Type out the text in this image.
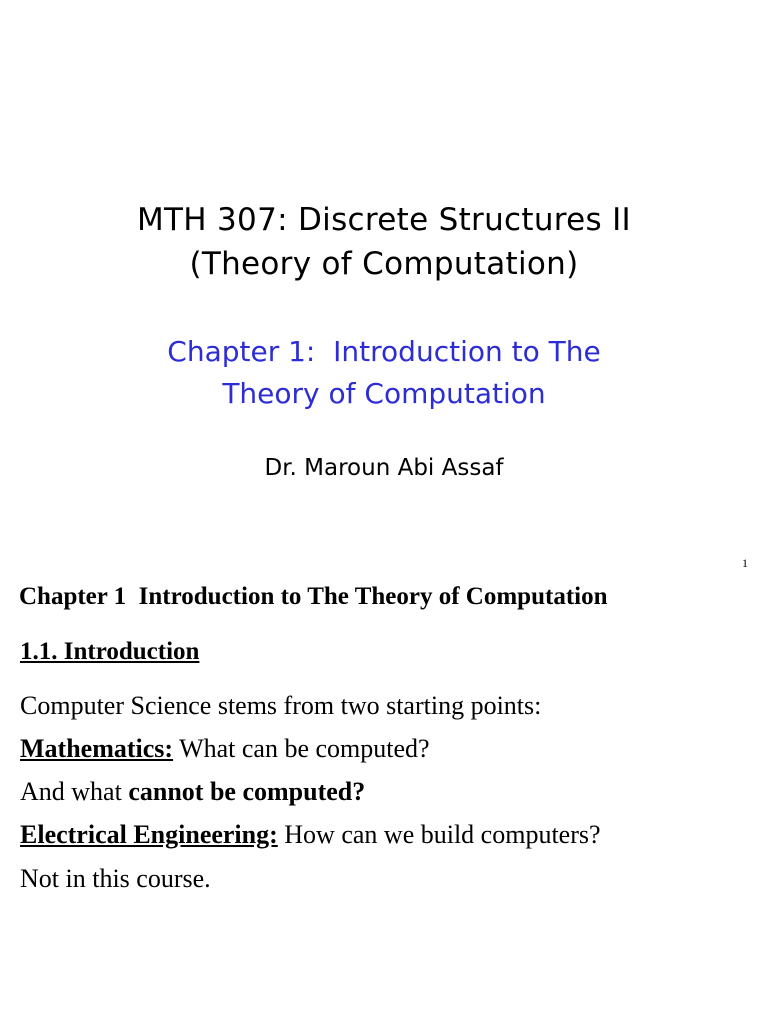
MTH 307: Discrete Structures II
(Theory of Computation)
Chapter 1:  Introduction to The
Theory of Computation
Dr. Maroun Abi Assaf
1
Chapter 1  Introduction to The Theory of Computation
1.1. Introduction
Computer Science stems from two starting points:
Mathematics: What can be computed?
And what cannot be computed?
Electrical Engineering: How can we build computers?
Not in this course.
